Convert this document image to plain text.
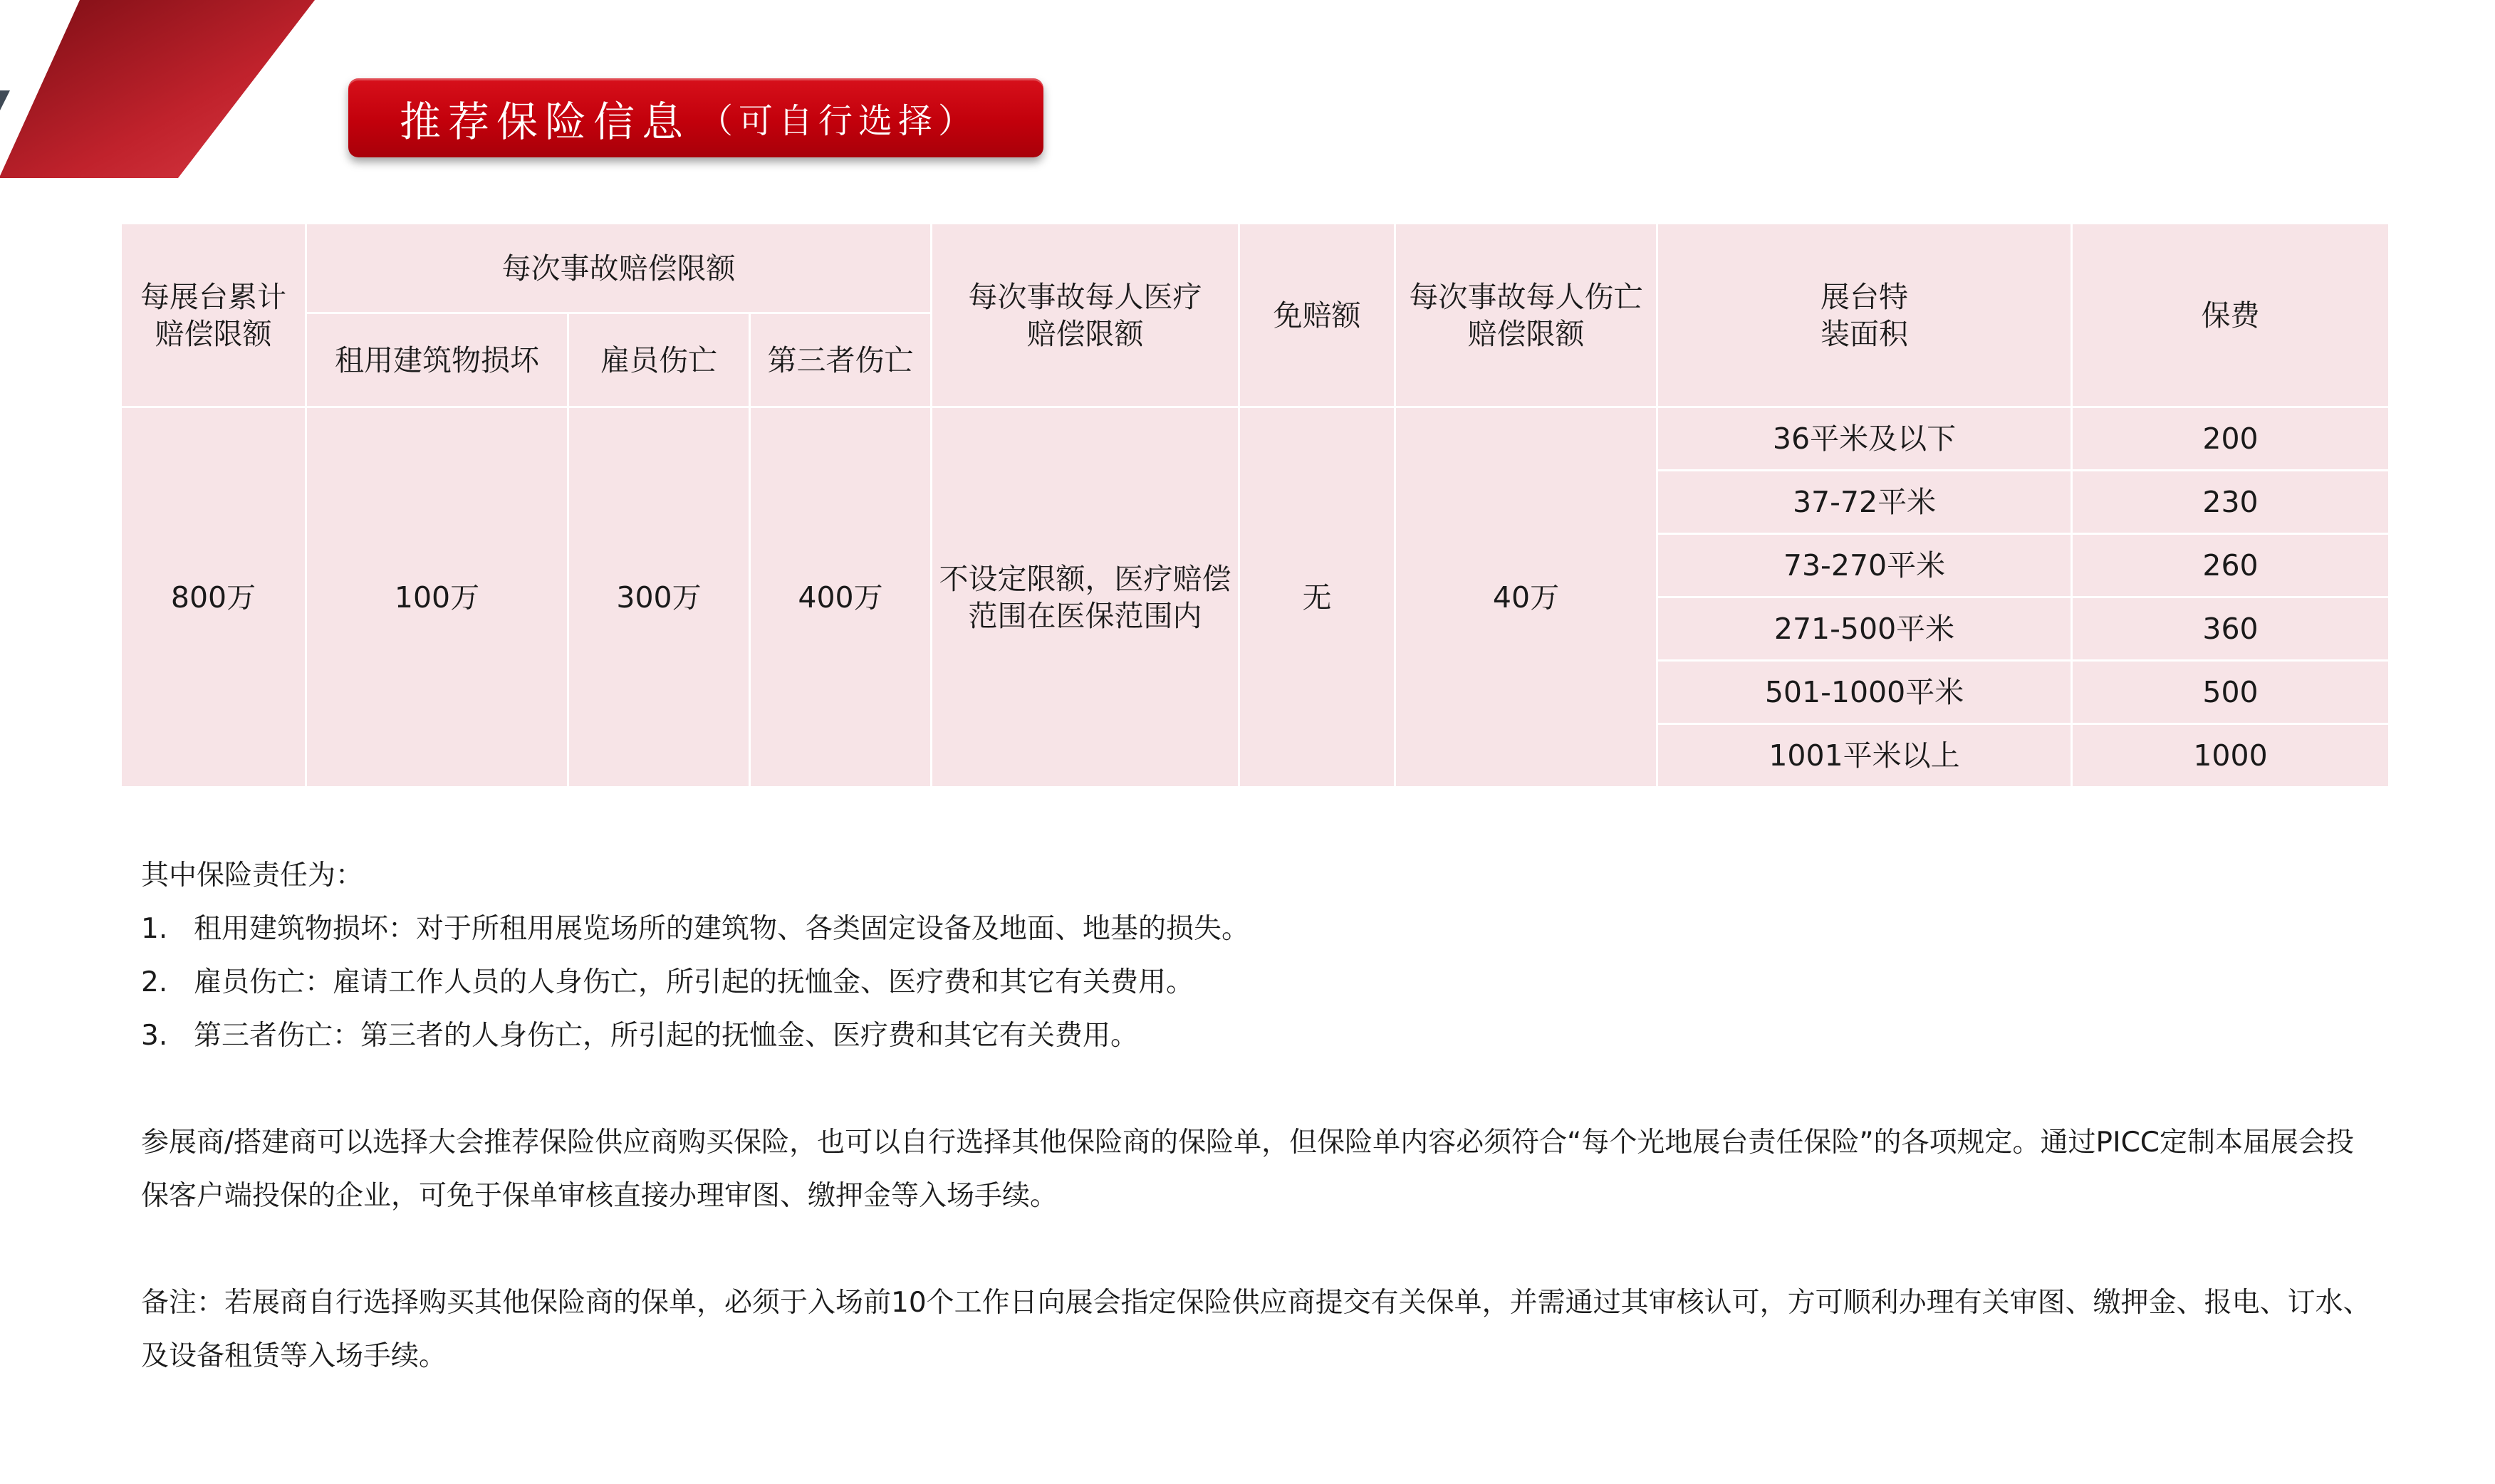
推荐保险信息 （可自行选择）
每展台累计赔偿限额	每次事故赔偿限额			每次事故每人医疗赔偿限额	免赔额	每次事故每人伤亡赔偿限额	展台特装面积	保费
	租用建筑物损坏	雇员伤亡	第三者伤亡					
800万	100万	300万	400万	不设定限额，医疗赔偿范围在医保范围内	无	40万	36平米及以下	200
							37-72平米	230
							73-270平米	260
							271-500平米	360
							501-1000平米	500
							1001平米以上	1000

其中保险责任为：

1. 租用建筑物损坏：对于所租用展览场所的建筑物、各类固定设备及地面、地基的损失。
2. 雇员伤亡：雇请工作人员的人身伤亡，所引起的抚恤金、医疗费和其它有关费用。
3. 第三者伤亡：第三者的人身伤亡，所引起的抚恤金、医疗费和其它有关费用。

参展商/搭建商可以选择大会推荐保险供应商购买保险，也可以自行选择其他保险商的保险单，但保险单内容必须符合“每个光地展台责任保险”的各项规定。通过PICC定制本届展会投保客户端投保的企业，可免于保单审核直接办理审图、缴押金等入场手续。

备注：若展商自行选择购买其他保险商的保单，必须于入场前10个工作日向展会指定保险供应商提交有关保单，并需通过其审核认可，方可顺利办理有关审图、缴押金、报电、订水、及设备租赁等入场手续。
